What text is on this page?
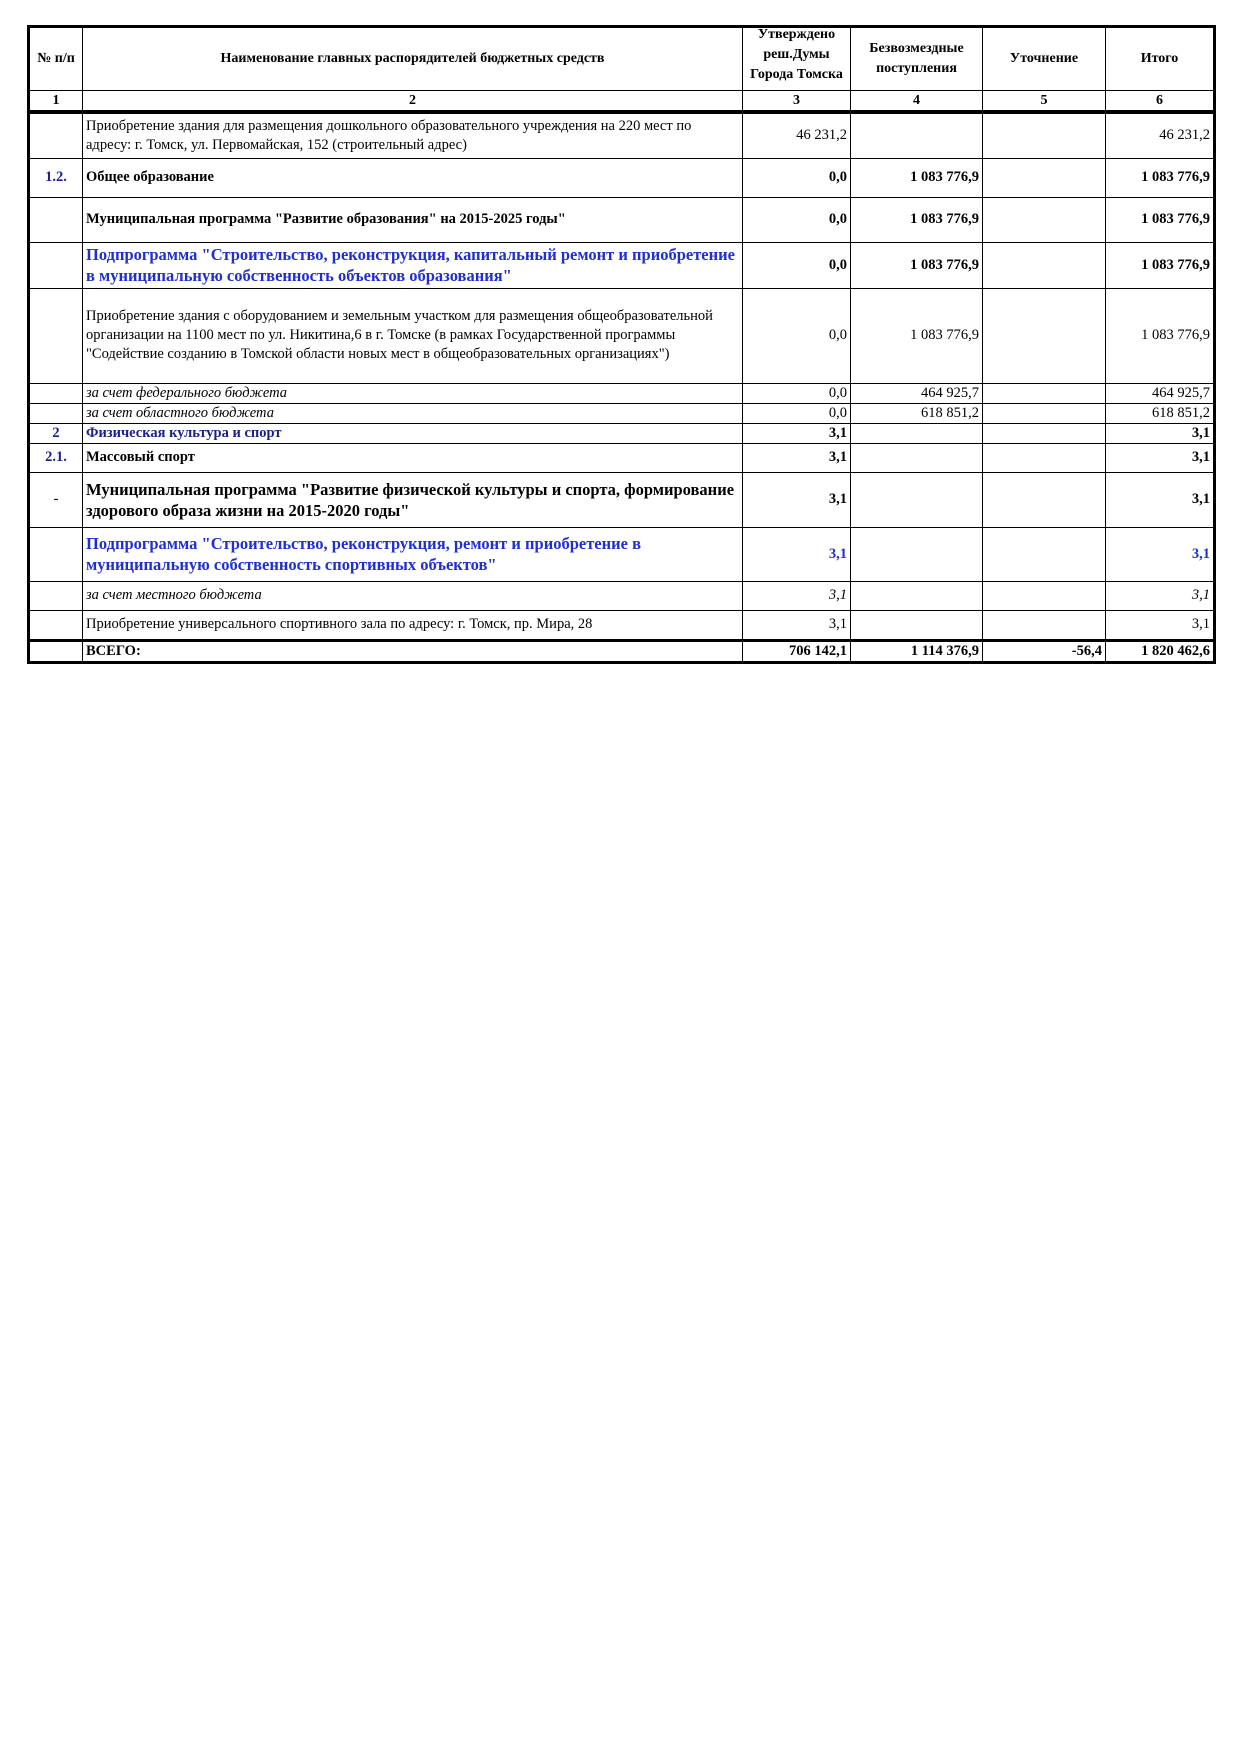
№ п/п	Наименование главных распорядителей бюджетных средств	Утверждено реш.Думы Города Томска	Безвозмездные поступления	Уточнение	Итого

1	2	3	4	5	6
	Приобретение здания для размещения дошкольного образовательного учреждения на 220 мест по адресу: г. Томск, ул. Первомайская, 152 (строительный адрес)	46 231,2			46 231,2
1.2.	Общее образование	0,0	1 083 776,9		1 083 776,9
	Муниципальная программа "Развитие образования" на 2015-2025 годы"	0,0	1 083 776,9		1 083 776,9
	Подпрограмма "Строительство, реконструкция, капитальный ремонт и приобретение в муниципальную собственность объектов образования"	0,0	1 083 776,9		1 083 776,9
	Приобретение здания с оборудованием и земельным участком для размещения общеобразовательной организации на 1100 мест по ул. Никитина,6 в г. Томске (в рамках Государственной программы "Содействие созданию в Томской области новых мест в общеобразовательных организациях")	0,0	1 083 776,9		1 083 776,9
	за счет федерального бюджета	0,0	464 925,7		464 925,7
	за счет областного бюджета	0,0	618 851,2		618 851,2
2	Физическая культура и спорт	3,1			3,1
2.1.	Массовый спорт	3,1			3,1
-	Муниципальная программа "Развитие физической культуры и спорта, формирование здорового образа жизни на 2015-2020 годы"	3,1			3,1
	Подпрограмма "Строительство, реконструкция, ремонт и приобретение в муниципальную собственность спортивных объектов"	3,1			3,1
	за счет местного бюджета	3,1			3,1
	Приобретение универсального спортивного зала по адресу: г. Томск, пр. Мира, 28	3,1			3,1
	ВСЕГО:	706 142,1	1 114 376,9	-56,4	1 820 462,6
